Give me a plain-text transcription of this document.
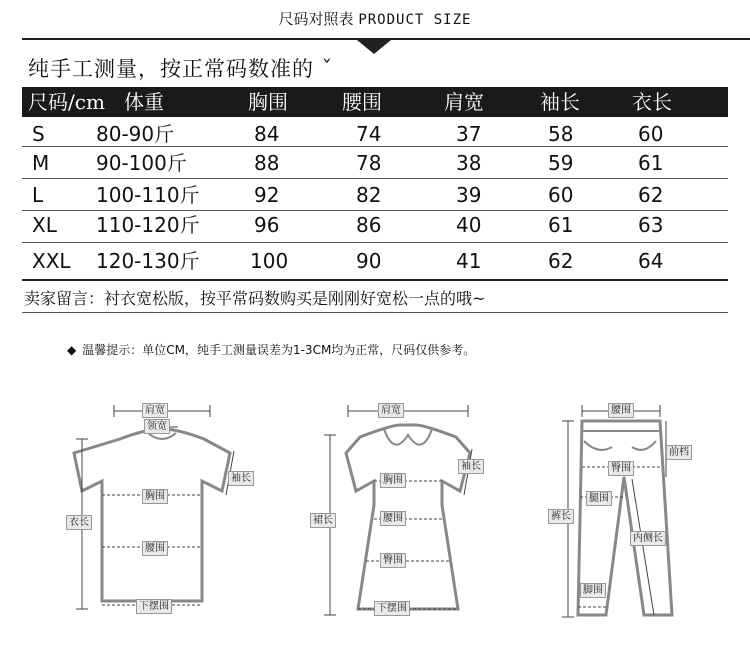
尺码对照表 PRODUCT SIZE
纯手工测量，按正常码数准的 ˇ
尺码/cm 体重	胸围	腰围	肩宽	袖长	衣长
S	80-90斤	84	74	37	58	60
M 90-100斤	88	78	38	59	61
L	100-110斤	92	82	39	60	62
XL 110-120斤	96	86	40	61	63
XXL 120-130斤	100	90	41	62	64
卖家留言：衬衣宽松版，按平常码数购买是刚刚好宽松一点的哦~
◆ 温馨提示：单位CM，纯手工测量误差为1-3CM均为正常，尺码仅供参考。
肩宽
领宽
袖长
衣长
胸围
腰围
下摆围
肩宽
袖长
胸围
裙长	腰围
臀围
下摆围
腰围
前档
臀围
腿围
裤长
内侧长
脚围
